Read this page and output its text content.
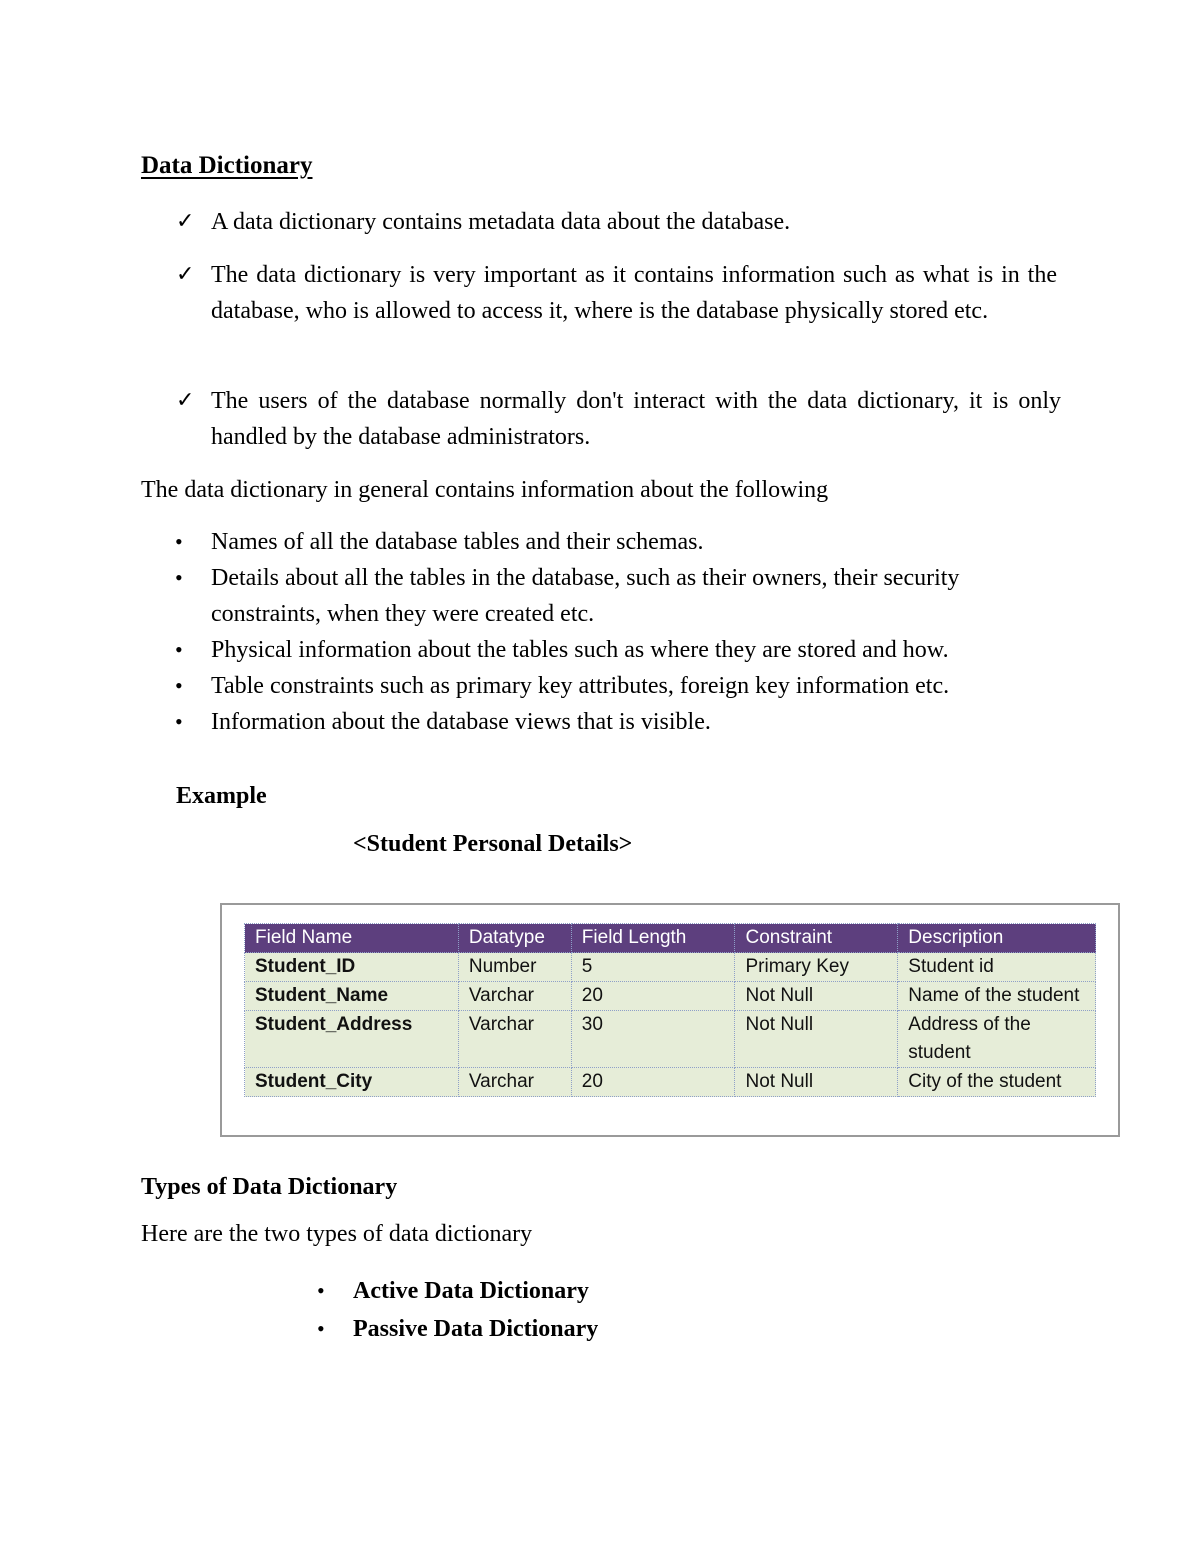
Data Dictionary
✓ A data dictionary contains metadata data about the database.
✓ The data dictionary is very important as it contains information such as what is in the database, who is allowed to access it, where is the database physically stored etc.
✓ The users of the database normally don't interact with the data dictionary, it is only handled by the database administrators.
The data dictionary in general contains information about the following
• Names of all the database tables and their schemas.
• Details about all the tables in the database, such as their owners, their security constraints, when they were created etc.
• Physical information about the tables such as where they are stored and how.
• Table constraints such as primary key attributes, foreign key information etc.
• Information about the database views that is visible.
Example
<Student Personal Details>
Field Name	Datatype	Field Length	Constraint	Description
Student_ID	Number	5	Primary Key	Student id
Student_Name	Varchar	20	Not Null	Name of the student
Student_Address	Varchar	30	Not Null	Address of the student
Student_City	Varchar	20	Not Null	City of the student
Types of Data Dictionary
Here are the two types of data dictionary
• Active Data Dictionary
• Passive Data Dictionary
